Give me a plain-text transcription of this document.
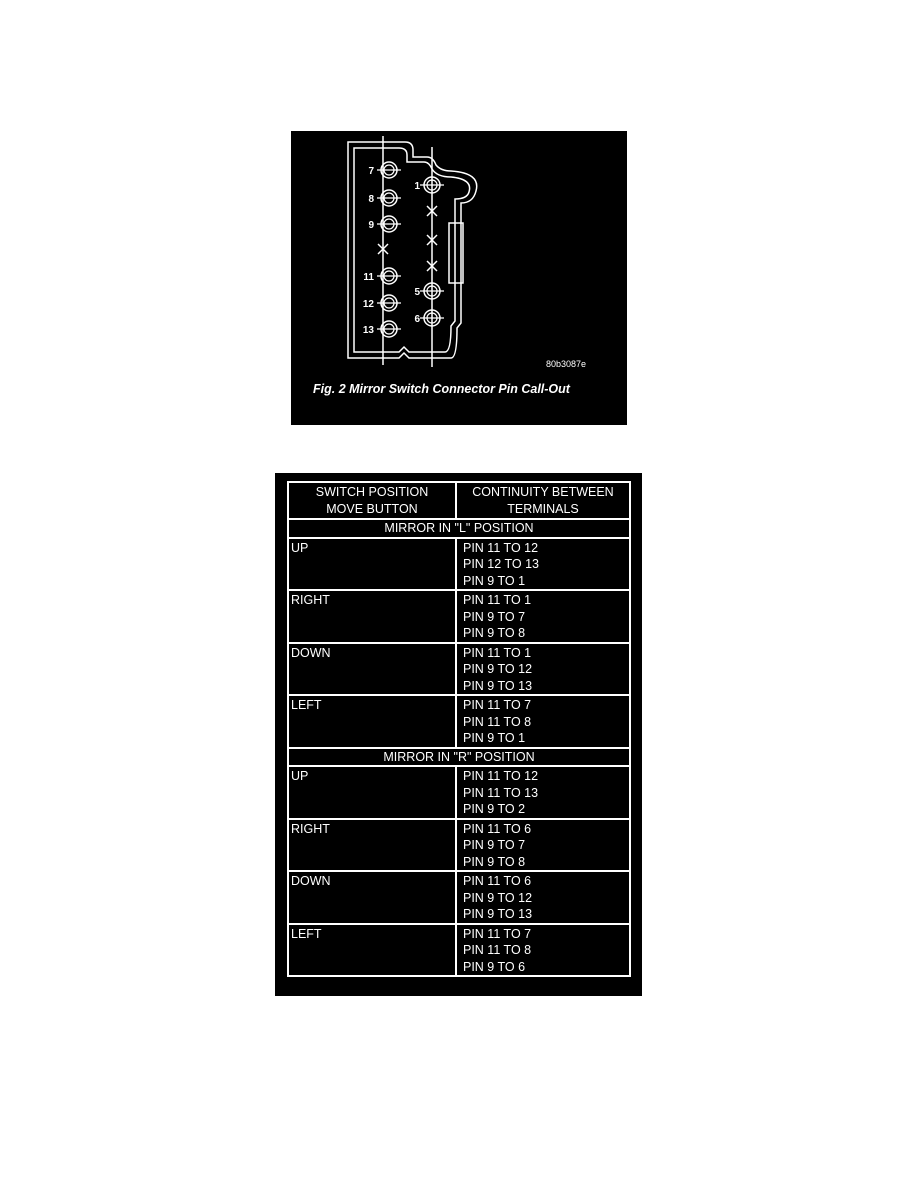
7
8
9
11
12
13
1
5
6
80b3087e
Fig. 2 Mirror Switch Connector Pin Call-Out
SWITCH POSITION
MOVE BUTTON	CONTINUITY BETWEEN
TERMINALS

MIRROR IN "L" POSITION	
UP	PIN 11 TO 12
PIN 12 TO 13
PIN 9 TO 1

RIGHT	PIN 11 TO 1
PIN 9 TO 7
PIN 9 TO 8

DOWN	PIN 11 TO 1
PIN 9 TO 12
PIN 9 TO 13

LEFT	PIN 11 TO 7
PIN 11 TO 8
PIN 9 TO 1

MIRROR IN "R" POSITION	
UP	PIN 11 TO 12
PIN 11 TO 13
PIN 9 TO 2

RIGHT	PIN 11 TO 6
PIN 9 TO 7
PIN 9 TO 8

DOWN	PIN 11 TO 6
PIN 9 TO 12
PIN 9 TO 13

LEFT	PIN 11 TO 7
PIN 11 TO 8
PIN 9 TO 6
